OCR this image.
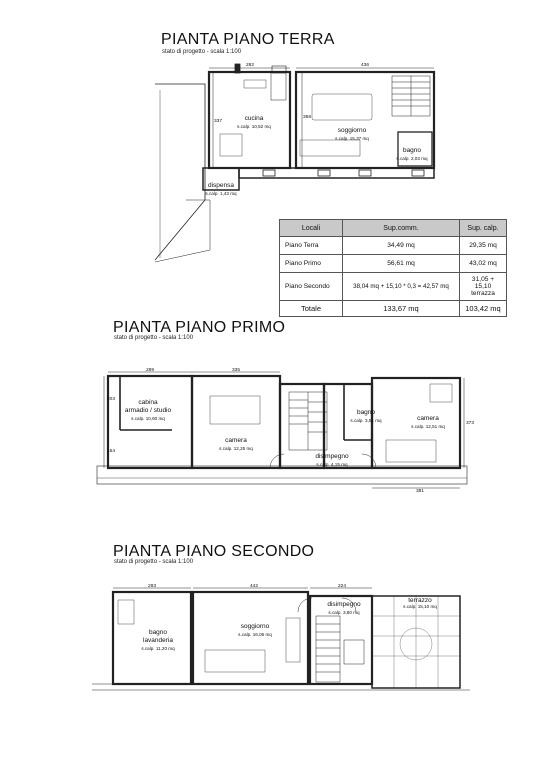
PIANTA PIANO TERRA
stato di progetto - scala 1:100
PIANTA PIANO PRIMO
stato di progetto - scala 1:100
PIANTA PIANO SECONDO
stato di progetto - scala 1:100
cucina
s.calp. 10,52 mq
soggiorno
s.calp. 15,37 mq
bagno
s.calp. 2,03 mq
dispensa
s.calp. 1,43 mq
282	436
337
358
cabina
armadio / studio
s.calp. 10,60 mq
camera
s.calp. 12,25 mq
disimpegno
s.calp. 4,15 mq
bagno
s.calp. 3,51 mq	camera
s.calp. 12,51 mq
289	335
203
154
373
381
bagno
lavanderia
s.calp. 11,20 mq
soggiorno
s.calp. 16,05 mq
disimpegno
s.calp. 3,80 mq
terrazzo
s.calp. 15,10 mq
293	442	224
Locali	Sup.comm.	Sup. calp.
Piano Terra	34,49 mq	29,35 mq
Piano Primo	56,61 mq	43,02 mq
Piano Secondo	38,04 mq + 15,10 * 0,3 = 42,57 mq	31,05 +
15,10 terrazza

Totale	133,67 mq	103,42 mq
